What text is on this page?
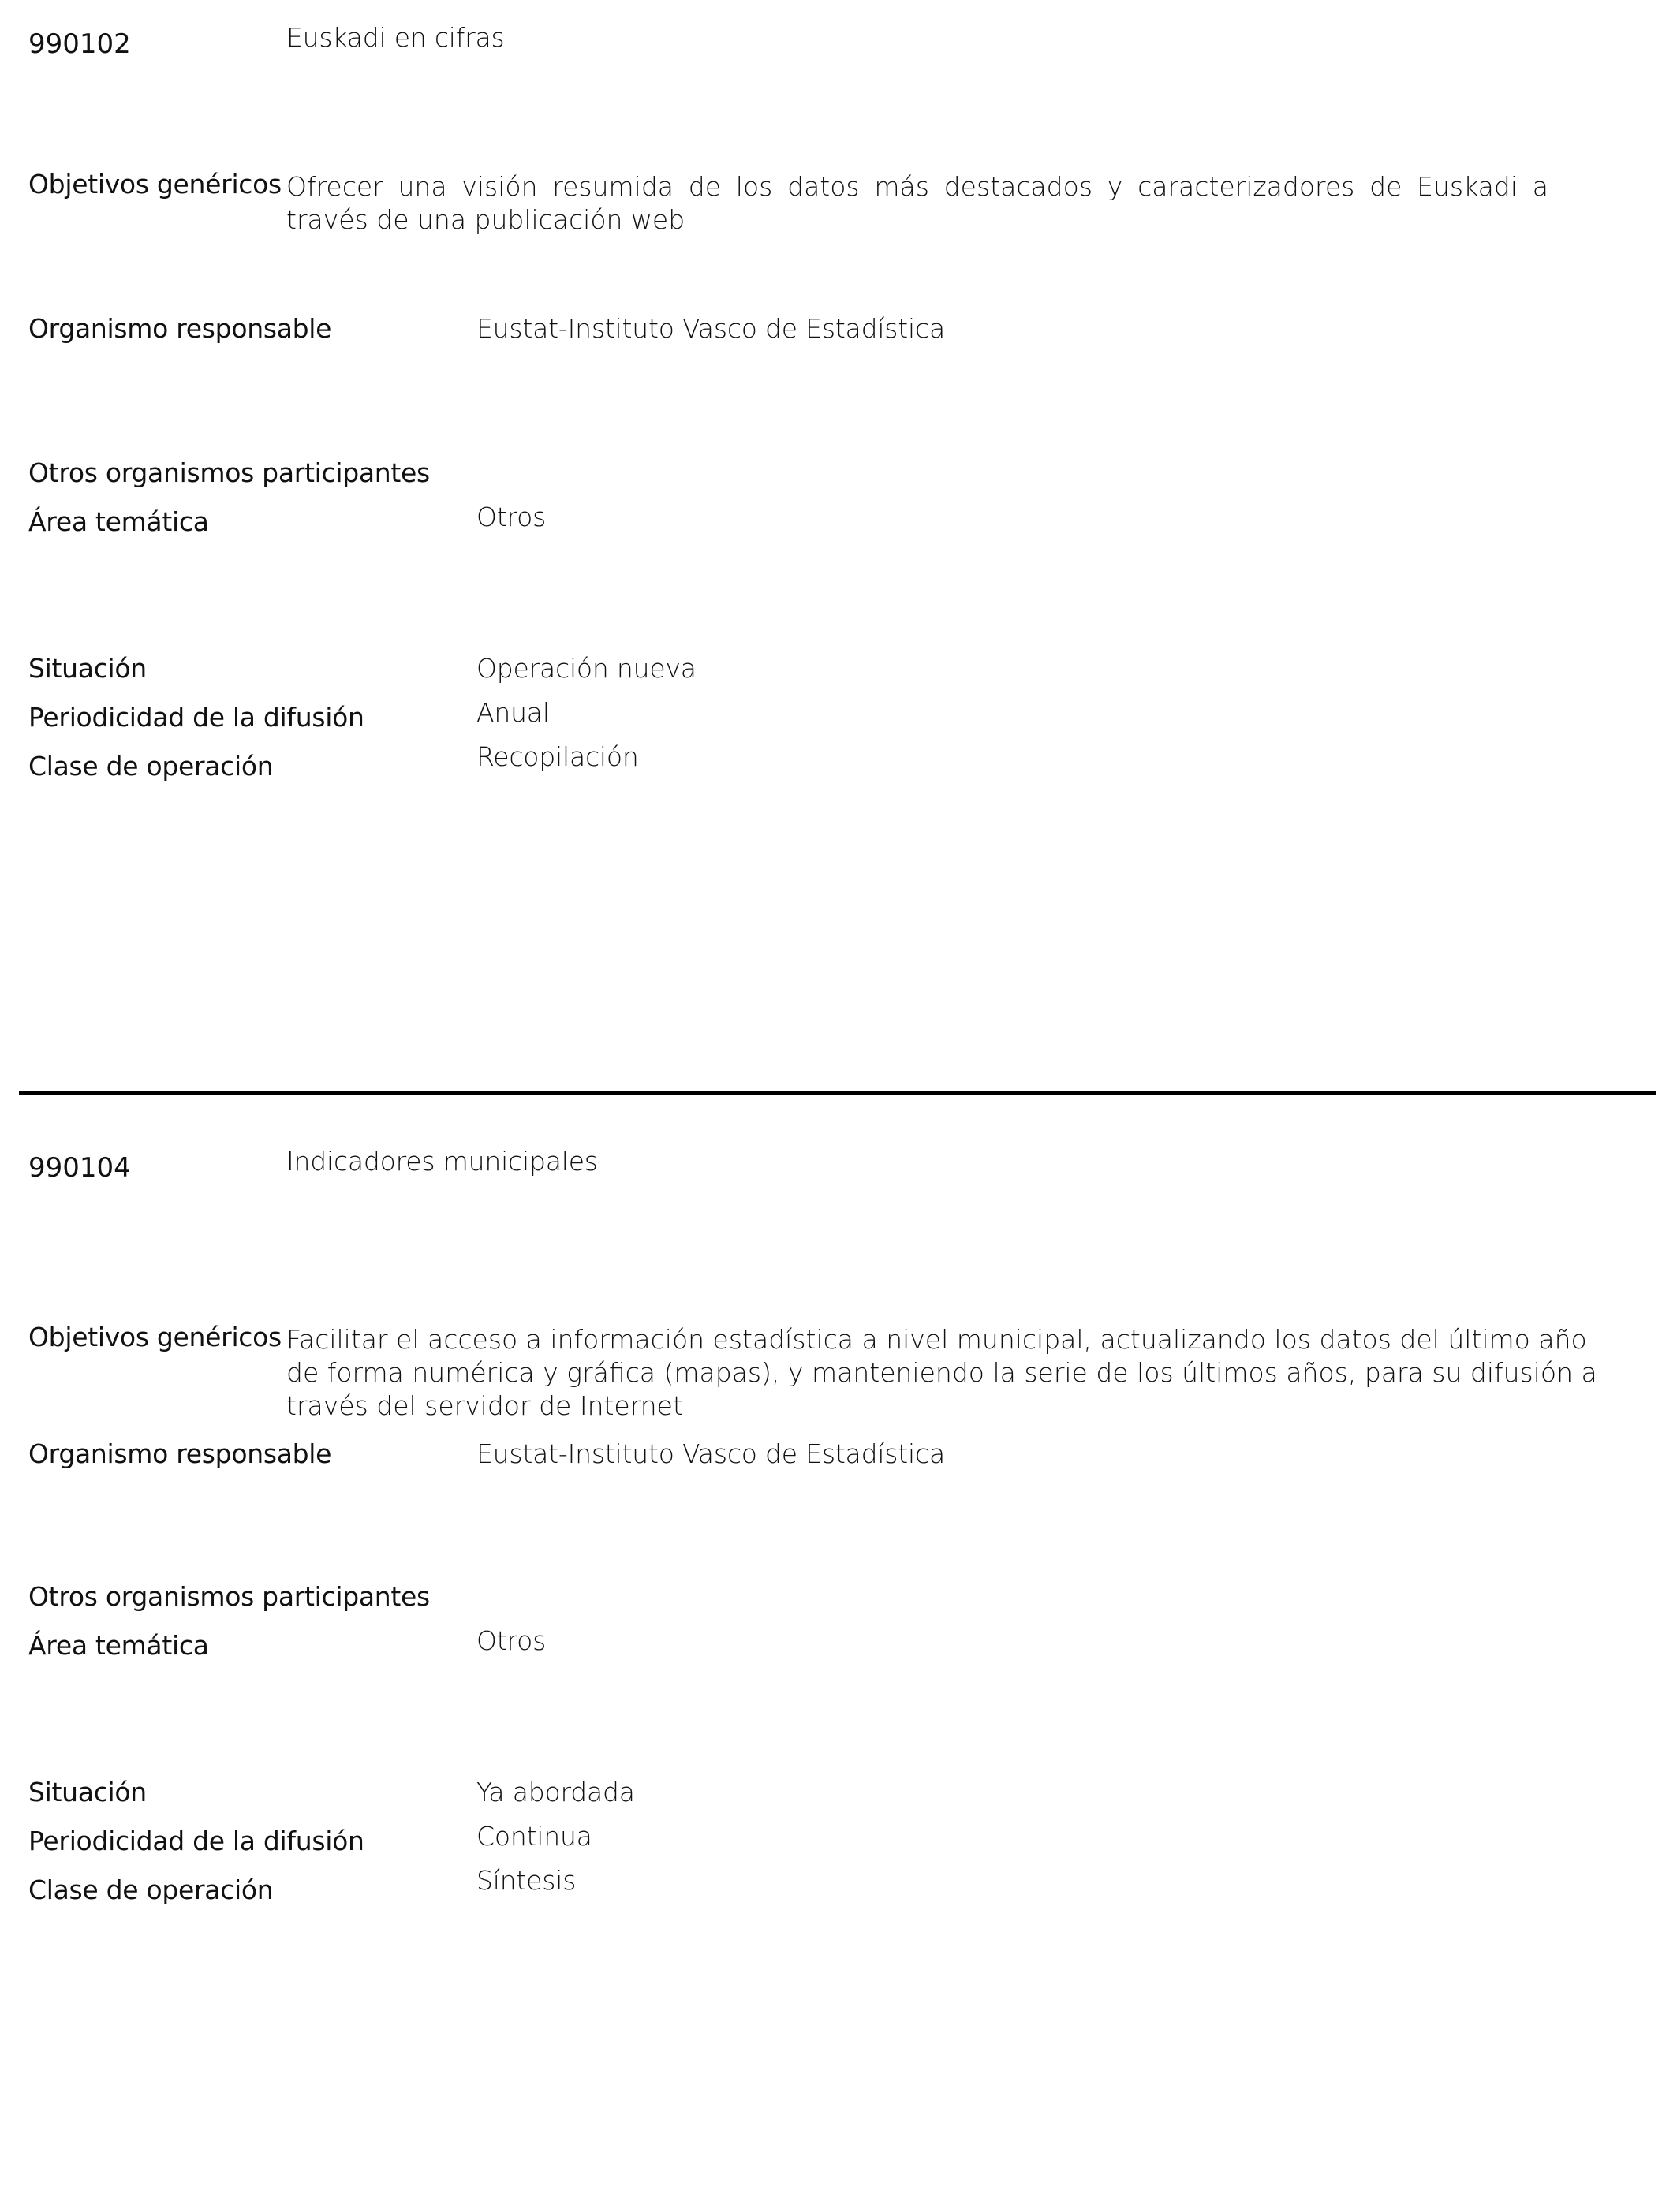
990102	Euskadi en cifras
Objetivos genéricos Ofrecer una visión resumida de los datos más destacados y caracterizadores de Euskadi a través de una publicación web
Organismo responsable	Eustat-Instituto Vasco de Estadística
Otros organismos participantes
Área temática	Otros
Situación	Operación nueva
Periodicidad de la difusión	Anual
Clase de operación	Recopilación
990104	Indicadores municipales
Objetivos genéricos Facilitar el acceso a información estadística a nivel municipal, actualizando los datos del último año de forma numérica y gráfica (mapas), y manteniendo la serie de los últimos años, para su difusión a través del servidor de Internet
Organismo responsable	Eustat-Instituto Vasco de Estadística
Otros organismos participantes
Área temática	Otros
Situación	Ya abordada
Periodicidad de la difusión	Continua
Clase de operación	Síntesis
